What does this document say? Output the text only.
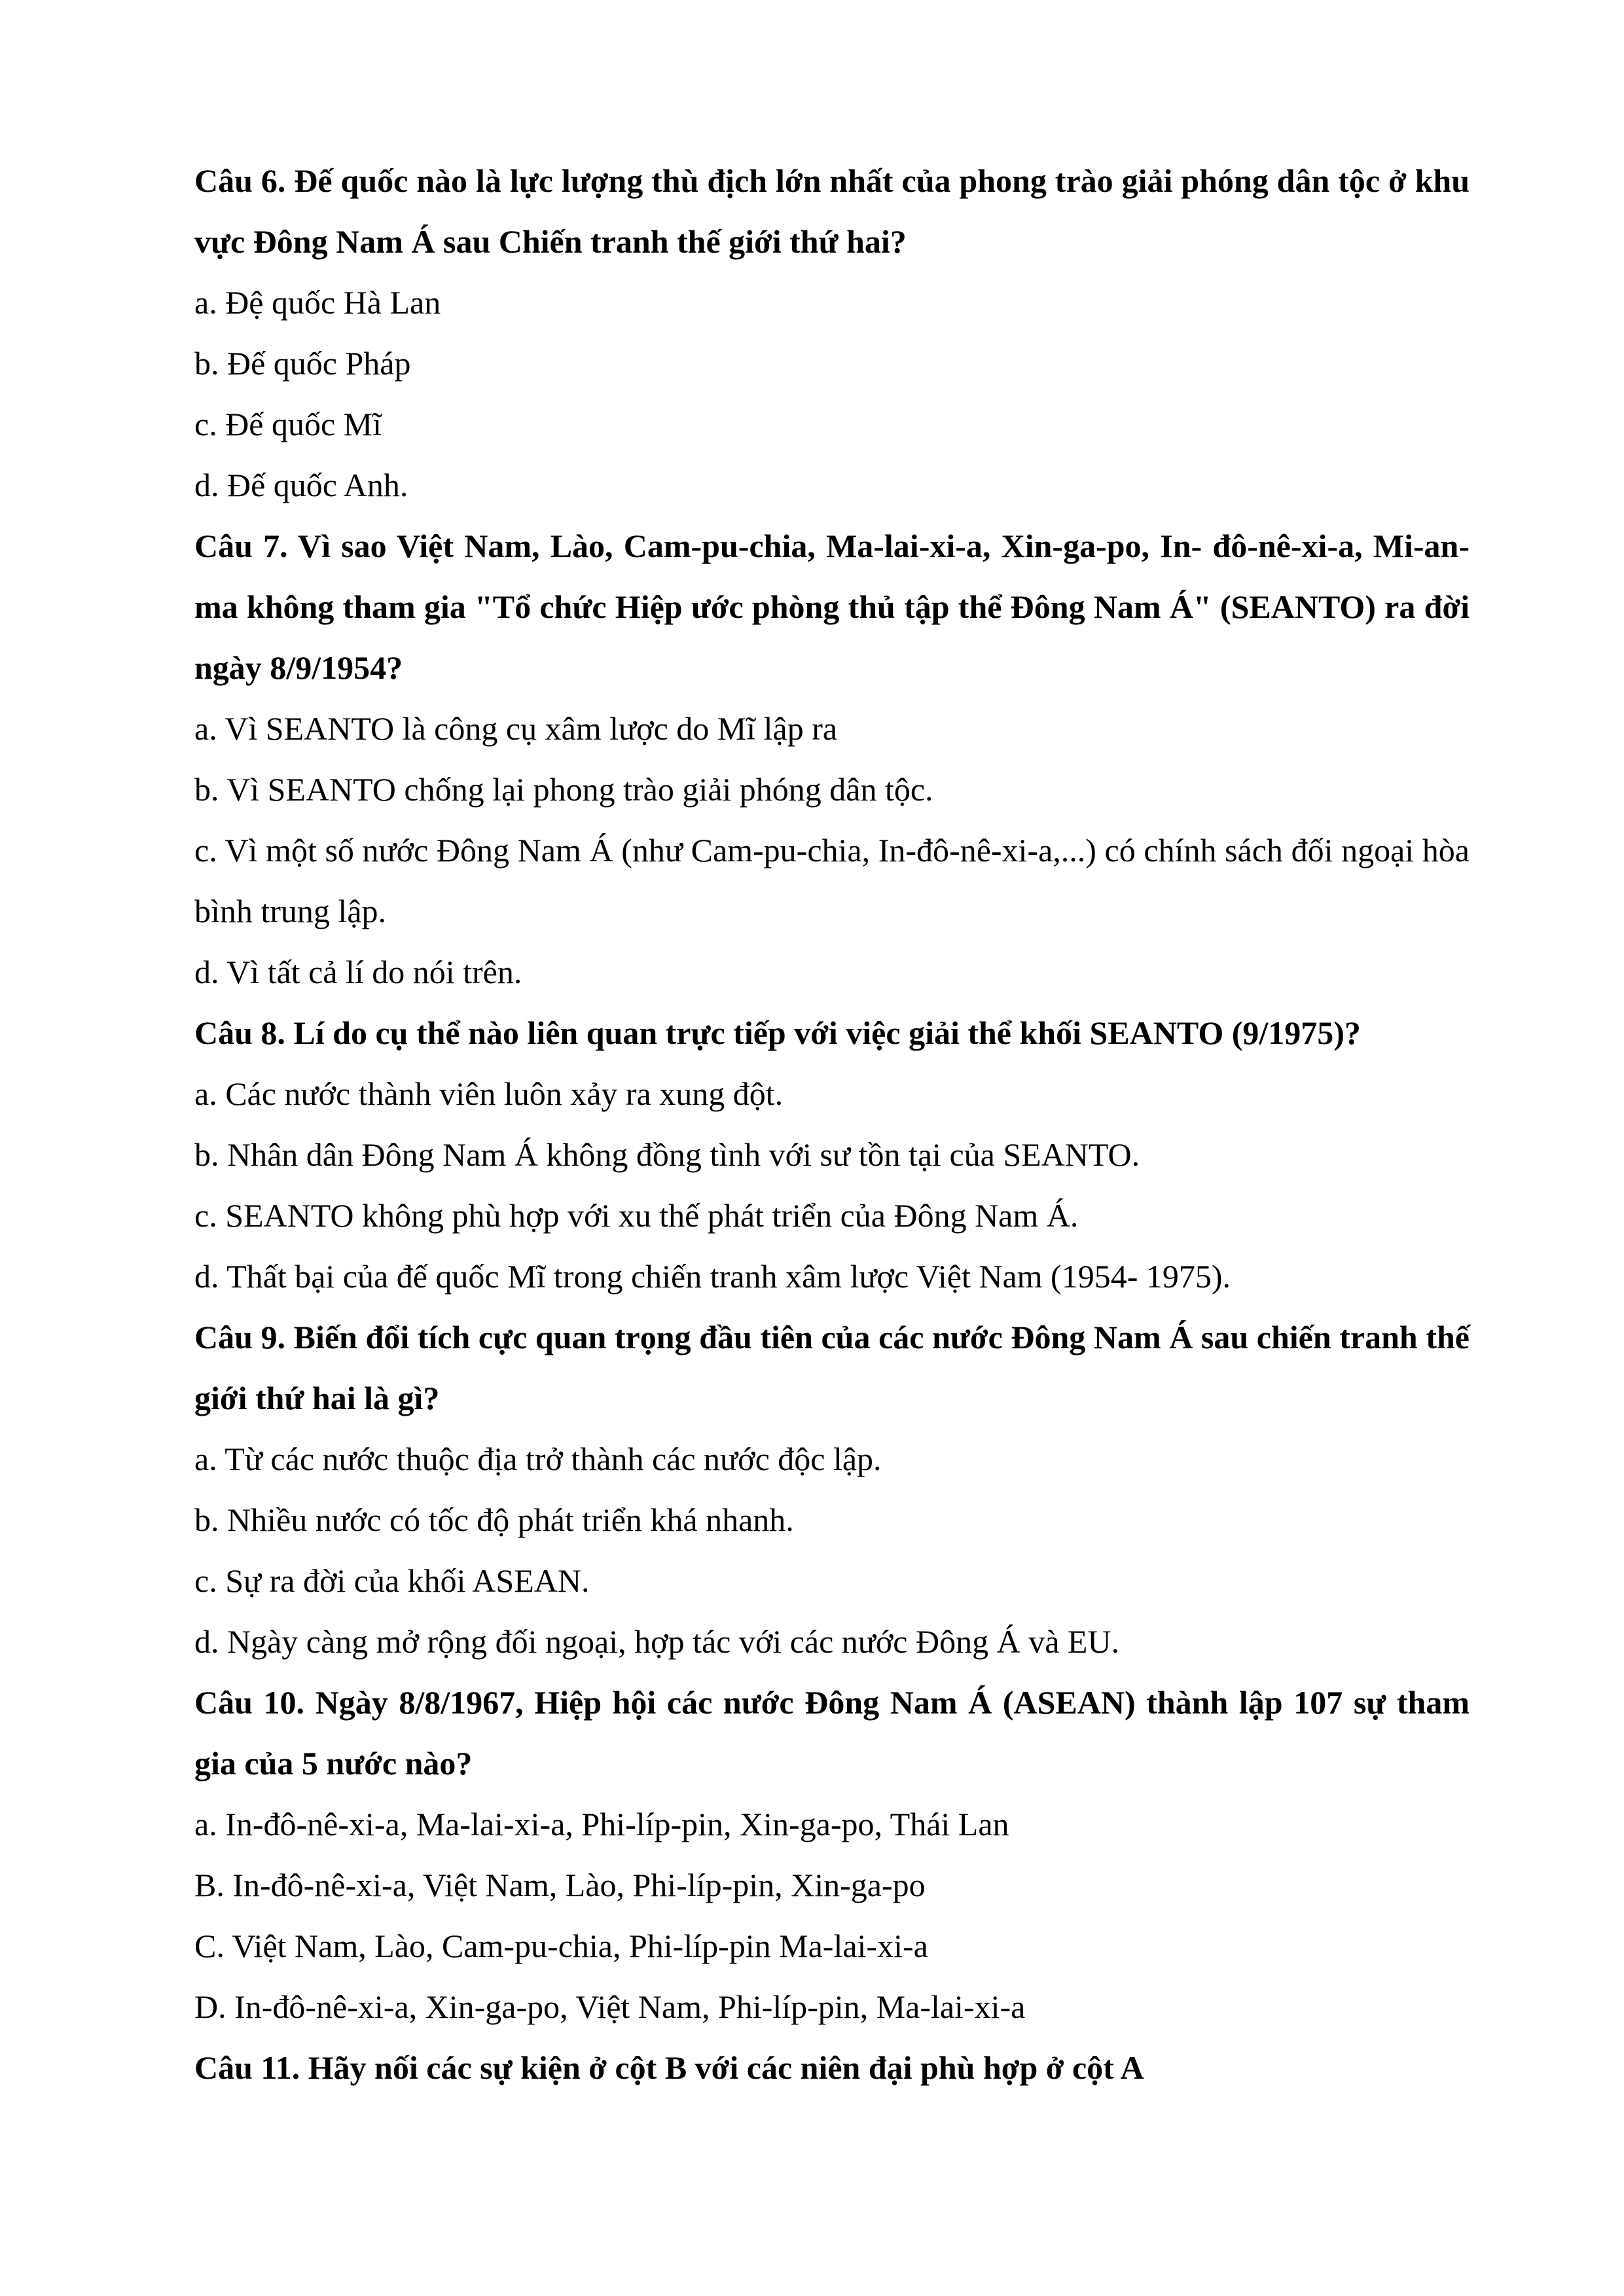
Câu 6. Đế quốc nào là lực lượng thù địch lớn nhất của phong trào giải phóng dân tộc ở khu vực Đông Nam Á sau Chiến tranh thế giới thứ hai?

a. Đệ quốc Hà Lan

b. Đế quốc Pháp

c. Đế quốc Mĩ

d. Đế quốc Anh.

Câu 7. Vì sao Việt Nam, Lào, Cam-pu-chia, Ma-lai-xi-a, Xin-ga-po, In- đô-nê-xi-a, Mi-an-ma không tham gia "Tổ chức Hiệp ước phòng thủ tập thể Đông Nam Á" (SEANTO) ra đời ngày 8/9/1954?

a. Vì SEANTO là công cụ xâm lược do Mĩ lập ra

b. Vì SEANTO chống lại phong trào giải phóng dân tộc.

c. Vì một số nước Đông Nam Á (như Cam-pu-chia, In-đô-nê-xi-a,...) có chính sách đối ngoại hòa bình trung lập.

d. Vì tất cả lí do nói trên.

Câu 8. Lí do cụ thể nào liên quan trực tiếp với việc giải thể khối SEANTO (9/1975)?

a. Các nước thành viên luôn xảy ra xung đột.

b. Nhân dân Đông Nam Á không đồng tình với sư tồn tại của SEANTO.

c. SEANTO không phù hợp với xu thế phát triển của Đông Nam Á.

d. Thất bại của đế quốc Mĩ trong chiến tranh xâm lược Việt Nam (1954- 1975).

Câu 9. Biến đổi tích cực quan trọng đầu tiên của các nước Đông Nam Á sau chiến tranh thế giới thứ hai là gì?

a. Từ các nước thuộc địa trở thành các nước độc lập.

b. Nhiều nước có tốc độ phát triển khá nhanh.

c. Sự ra đời của khối ASEAN.

d. Ngày càng mở rộng đối ngoại, hợp tác với các nước Đông Á và EU.

Câu 10. Ngày 8/8/1967, Hiệp hội các nước Đông Nam Á (ASEAN) thành lập 107 sự tham gia của 5 nước nào?

a. In-đô-nê-xi-a, Ma-lai-xi-a, Phi-líp-pin, Xin-ga-po, Thái Lan

B. In-đô-nê-xi-a, Việt Nam, Lào, Phi-líp-pin, Xin-ga-po

C. Việt Nam, Lào, Cam-pu-chia, Phi-líp-pin Ma-lai-xi-a

D. In-đô-nê-xi-a, Xin-ga-po, Việt Nam, Phi-líp-pin, Ma-lai-xi-a

Câu 11. Hãy nối các sự kiện ở cột B với các niên đại phù hợp ở cột A
